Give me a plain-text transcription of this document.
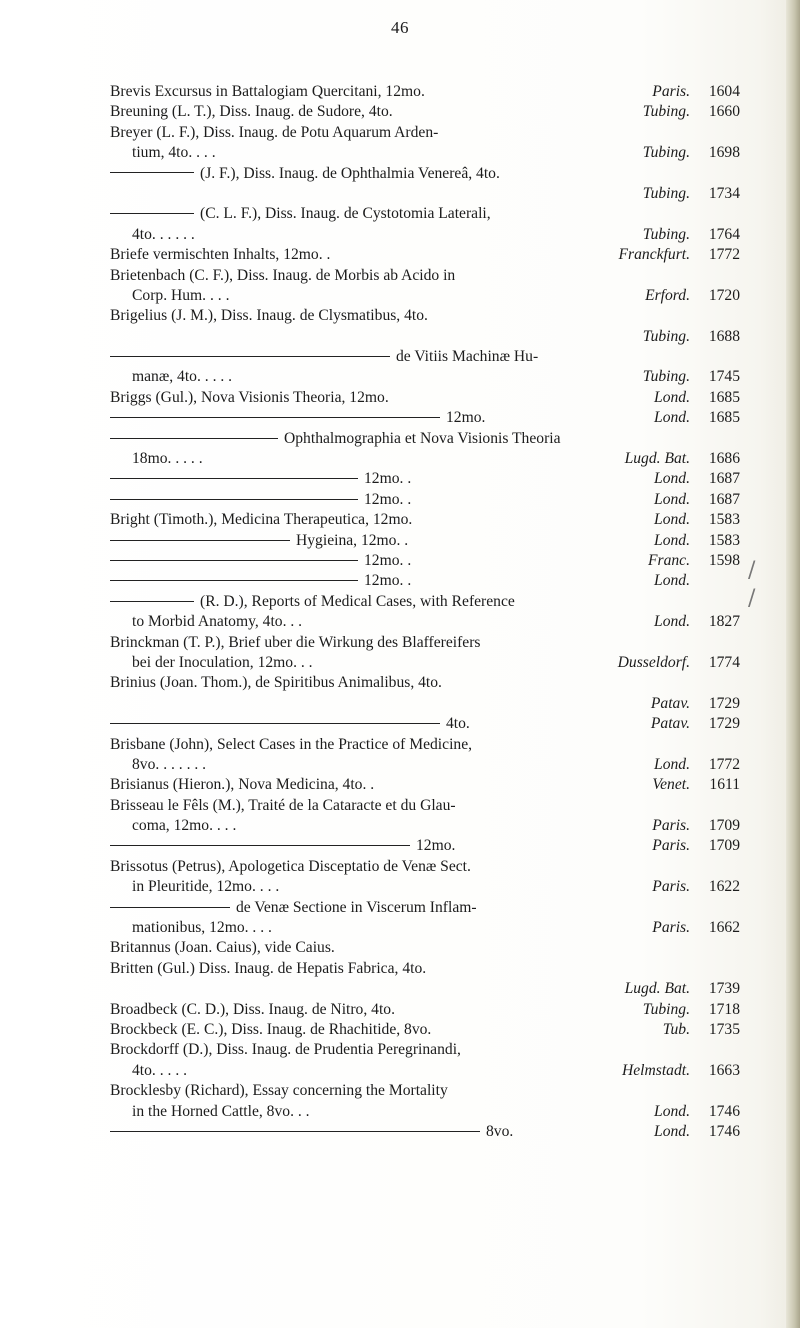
46
Brevis Excursus in Battalogiam Quercitani, 12mo.	Paris.	1604
Breuning (L. T.), Diss. Inaug. de Sudore, 4to.	Tubing.	1660
Breyer (L. F.), Diss. Inaug. de Potu Aquarum Arden-
tium, 4to. . . .	Tubing.	1698
(J. F.), Diss. Inaug. de Ophthalmia Venereâ, 4to.
Tubing.	1734
(C. L. F.), Diss. Inaug. de Cystotomia Laterali,
4to. . . . . .	Tubing.	1764
Briefe vermischten Inhalts, 12mo. .	Franckfurt.	1772
Brietenbach (C. F.), Diss. Inaug. de Morbis ab Acido in
Corp. Hum. . . .	Erford.	1720
Brigelius (J. M.), Diss. Inaug. de Clysmatibus, 4to.
Tubing.	1688
de Vitiis Machinæ Hu-
manæ, 4to. . . . .	Tubing.	1745
Briggs (Gul.), Nova Visionis Theoria, 12mo.	Lond.	1685
12mo.	Lond.	1685
Ophthalmographia et Nova Visionis Theoria
18mo. . . . .	Lugd. Bat.	1686
12mo. .	Lond.	1687
12mo. .	Lond.	1687
Bright (Timoth.), Medicina Therapeutica, 12mo.	Lond.	1583
Hygieina, 12mo. .	Lond.	1583
12mo. .	Franc.	1598
12mo. .	Lond.
(R. D.), Reports of Medical Cases, with Reference
to Morbid Anatomy, 4to. . .	Lond.	1827
Brinckman (T. P.), Brief uber die Wirkung des Blaffereifers
bei der Inoculation, 12mo. . .	Dusseldorf.	1774
Brinius (Joan. Thom.), de Spiritibus Animalibus, 4to.
Patav.	1729
4to.	Patav.	1729
Brisbane (John), Select Cases in the Practice of Medicine,
8vo. . . . . . .	Lond.	1772
Brisianus (Hieron.), Nova Medicina, 4to. .	Venet.	1611
Brisseau le Fêls (M.), Traité de la Cataracte et du Glau-
coma, 12mo. . . .	Paris.	1709
12mo.	Paris.	1709
Brissotus (Petrus), Apologetica Disceptatio de Venæ Sect.
in Pleuritide, 12mo. . . .	Paris.	1622
de Venæ Sectione in Viscerum Inflam-
mationibus, 12mo. . . .	Paris.	1662
Britannus (Joan. Caius), vide Caius.
Britten (Gul.) Diss. Inaug. de Hepatis Fabrica, 4to.
Lugd. Bat.	1739
Broadbeck (C. D.), Diss. Inaug. de Nitro, 4to.	Tubing.	1718
Brockbeck (E. C.), Diss. Inaug. de Rhachitide, 8vo.	Tub.	1735
Brockdorff (D.), Diss. Inaug. de Prudentia Peregrinandi,
4to. . . . .	Helmstadt.	1663
Brocklesby (Richard), Essay concerning the Mortality
in the Horned Cattle, 8vo. . .	Lond.	1746
8vo.	Lond.	1746
/
/
